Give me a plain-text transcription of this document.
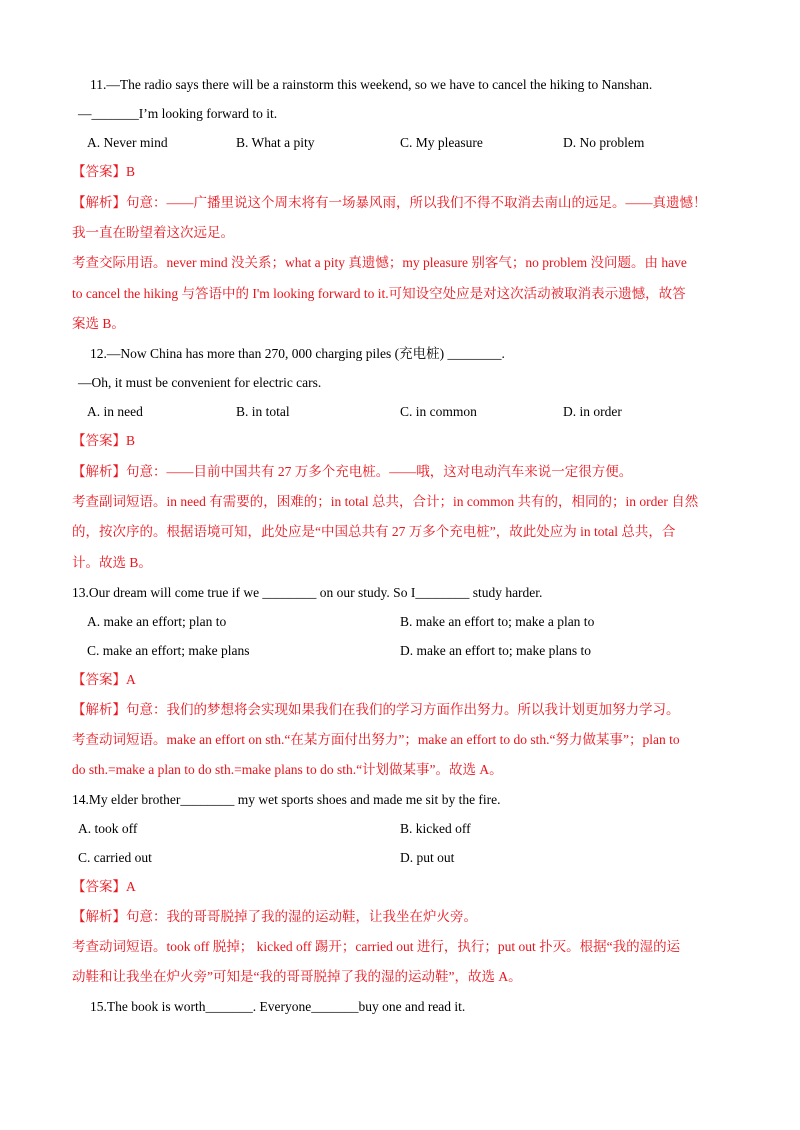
11.—The radio says there will be a rainstorm this weekend, so we have to cancel the hiking to Nanshan.
—_______I’m looking forward to it.
A. Never mind	B. What a pity	C. My pleasure	D. No problem
【答案】B
【解析】句意：——广播里说这个周末将有一场暴风雨，所以我们不得不取消去南山的远足。——真遗憾！
我一直在盼望着这次远足。
考查交际用语。never mind 没关系；what a pity 真遗憾；my pleasure 别客气；no problem 没问题。由 have
to cancel the hiking 与答语中的 I'm looking forward to it.可知设空处应是对这次活动被取消表示遗憾，故答
案选 B。
12.—Now China has more than 270, 000 charging piles (充电桩) ________.
—Oh, it must be convenient for electric cars.
A. in need	B. in total	C. in common	D. in order
【答案】B
【解析】句意：——目前中国共有 27 万多个充电桩。——哦，这对电动汽车来说一定很方便。
考查副词短语。in need 有需要的，困难的；in total 总共，合计；in common 共有的，相同的；in order 自然
的，按次序的。根据语境可知，此处应是“中国总共有 27 万多个充电桩”，故此处应为 in total 总共，合
计。故选 B。
13.Our dream will come true if we ________ on our study. So I________ study harder.
A. make an effort; plan to	B. make an effort to; make a plan to
C. make an effort; make plans	D. make an effort to; make plans to
【答案】A
【解析】句意：我们的梦想将会实现如果我们在我们的学习方面作出努力。所以我计划更加努力学习。
考查动词短语。make an effort on sth.“在某方面付出努力”；make an effort to do sth.“努力做某事”；plan to
do sth.=make a plan to do sth.=make plans to do sth.“计划做某事”。故选 A。
14.My elder brother________ my wet sports shoes and made me sit by the fire.
A. took off	B. kicked off
C. carried out	D. put out
【答案】A
【解析】句意：我的哥哥脱掉了我的湿的运动鞋，让我坐在炉火旁。
考查动词短语。took off 脱掉； kicked off 踢开；carried out 进行，执行；put out 扑灭。根据“我的湿的运
动鞋和让我坐在炉火旁”可知是“我的哥哥脱掉了我的湿的运动鞋”，故选 A。
15.The book is worth_______. Everyone_______buy one and read it.
